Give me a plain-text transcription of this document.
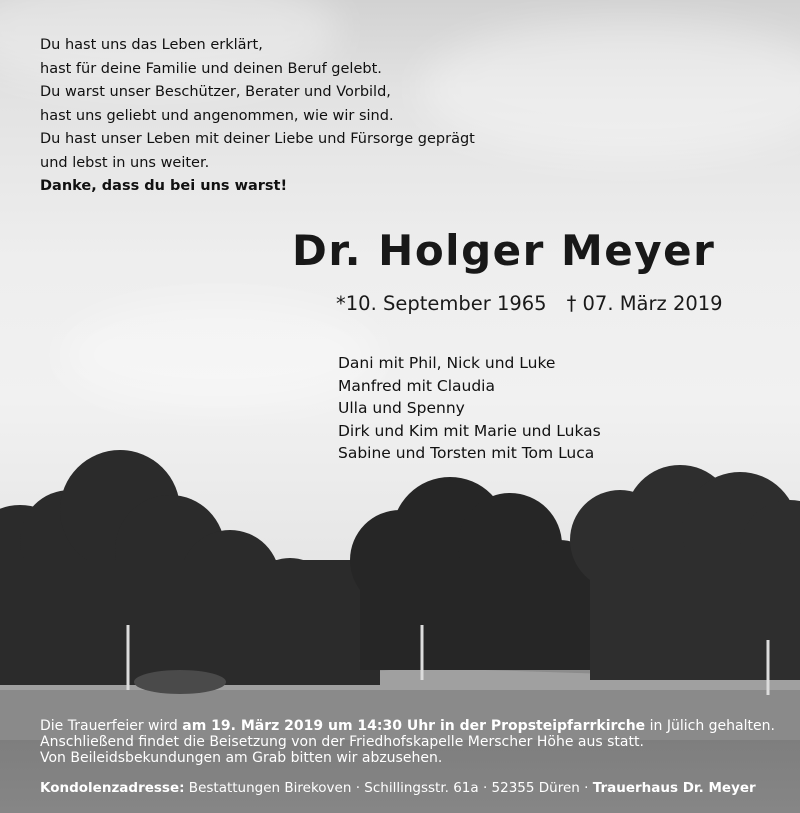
Du hast uns das Leben erklärt,
hast für deine Familie und deinen Beruf gelebt.
Du warst unser Beschützer, Berater und Vorbild,
hast uns geliebt und angenommen, wie wir sind.
Du hast unser Leben mit deiner Liebe und Fürsorge geprägt
und lebst in uns weiter.

Danke, dass du bei uns warst!

Dr. Holger Meyer

*10. September 1965 † 07. März 2019

Dani mit Phil, Nick und Luke
Manfred mit Claudia
Ulla und Spenny
Dirk und Kim mit Marie und Lukas
Sabine und Torsten mit Tom Luca

Die Trauerfeier wird am 19. März 2019 um 14:30 Uhr in der Propsteipfarrkirche in Jülich gehalten.
Anschließend findet die Beisetzung von der Friedhofskapelle Merscher Höhe aus statt.
Von Beileidsbekundungen am Grab bitten wir abzusehen.

Kondolenzadresse: Bestattungen Birekoven · Schillingsstr. 61a · 52355 Düren · Trauerhaus Dr. Meyer
